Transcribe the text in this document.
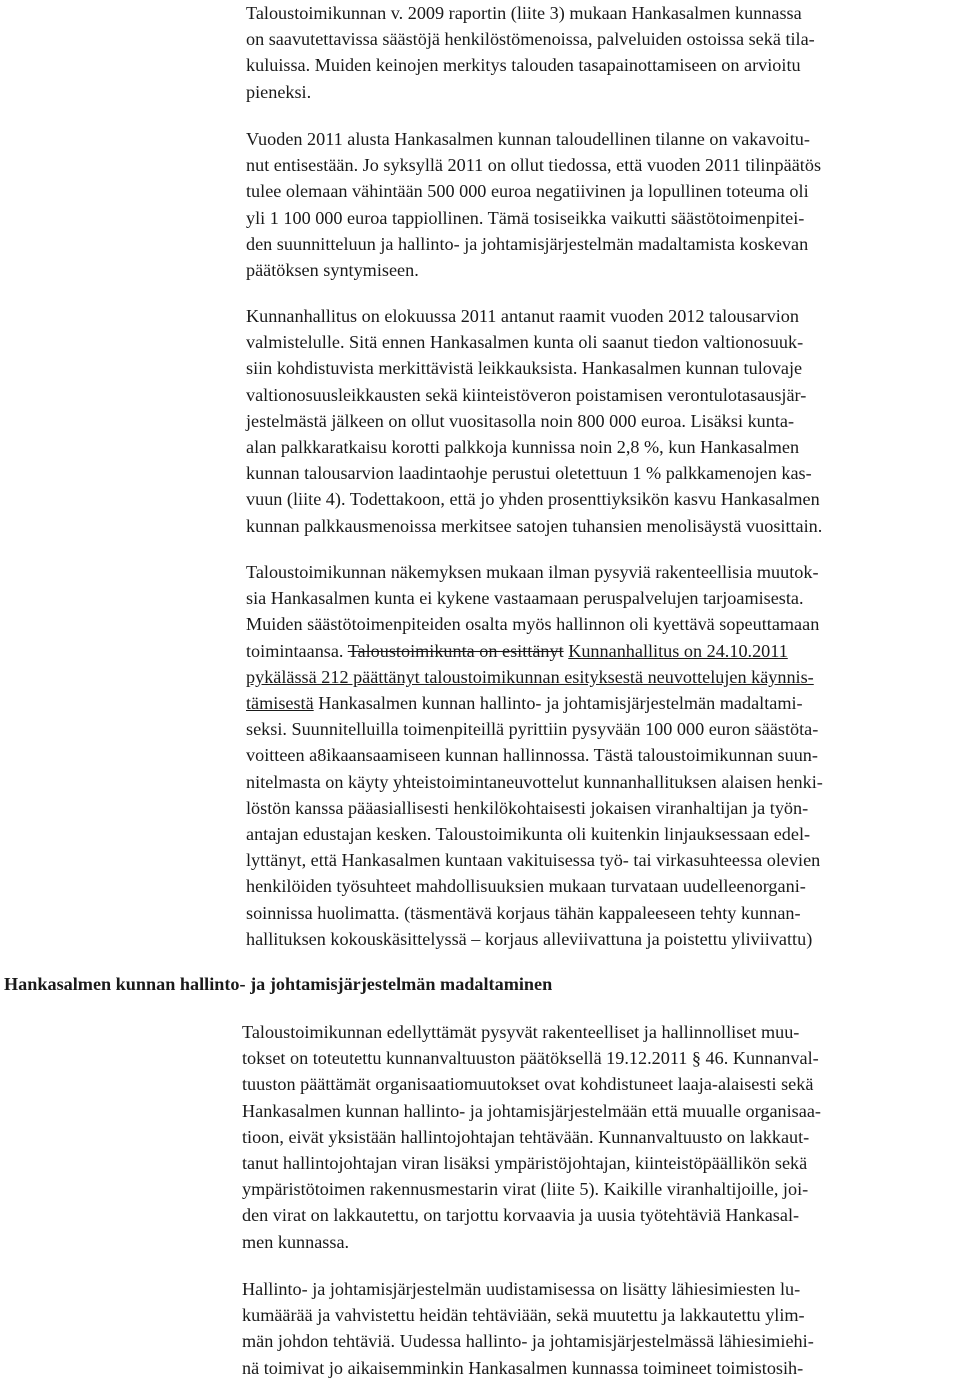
Taloustoimikunnan v. 2009 raportin (liite 3) mukaan Hankasalmen kunnassa
on saavutettavissa säästöjä henkilöstömenoissa, palveluiden ostoissa sekä tila-
kuluissa. Muiden keinojen merkitys talouden tasapainottamiseen on arvioitu
pieneksi.

Vuoden 2011 alusta Hankasalmen kunnan taloudellinen tilanne on vakavoitu-
nut entisestään. Jo syksyllä 2011 on ollut tiedossa, että vuoden 2011 tilinpäätös
tulee olemaan vähintään 500 000 euroa negatiivinen ja lopullinen toteuma oli
yli 1 100 000 euroa tappiollinen. Tämä tosiseikka vaikutti säästötoimenpitei-
den suunnitteluun ja hallinto- ja johtamisjärjestelmän madaltamista koskevan
päätöksen syntymiseen.

Kunnanhallitus on elokuussa 2011 antanut raamit vuoden 2012 talousarvion
valmistelulle. Sitä ennen Hankasalmen kunta oli saanut tiedon valtionosuuk-
siin kohdistuvista merkittävistä leikkauksista. Hankasalmen kunnan tulovaje
valtionosuusleikkausten sekä kiinteistöveron poistamisen verontulotasausjär-
jestelmästä jälkeen on ollut vuositasolla noin 800 000 euroa. Lisäksi kunta-
alan palkkaratkaisu korotti palkkoja kunnissa noin 2,8 %, kun Hankasalmen
kunnan talousarvion laadintaohje perustui oletettuun 1 % palkkamenojen kas-
vuun (liite 4). Todettakoon, että jo yhden prosenttiyksikön kasvu Hankasalmen
kunnan palkkausmenoissa merkitsee satojen tuhansien menolisäystä vuosittain.

Taloustoimikunnan näkemyksen mukaan ilman pysyviä rakenteellisia muutok-
sia Hankasalmen kunta ei kykene vastaamaan peruspalvelujen tarjoamisesta.
Muiden säästötoimenpiteiden osalta myös hallinnon oli kyettävä sopeuttamaan
toimintaansa. Taloustoimikunta on esittänyt Kunnanhallitus on 24.10.2011
pykälässä 212 päättänyt taloustoimikunnan esityksestä neuvottelujen käynnis-
tämisestä Hankasalmen kunnan hallinto- ja johtamisjärjestelmän madaltami-
seksi. Suunnitelluilla toimenpiteillä pyrittiin pysyvään 100 000 euron säästöta-
voitteen a8ikaansaamiseen kunnan hallinnossa. Tästä taloustoimikunnan suun-
nitelmasta on käyty yhteistoimintaneuvottelut kunnanhallituksen alaisen henki-
löstön kanssa pääasiallisesti henkilökohtaisesti jokaisen viranhaltijan ja työn-
antajan edustajan kesken. Taloustoimikunta oli kuitenkin linjauksessaan edel-
lyttänyt, että Hankasalmen kuntaan vakituisessa työ- tai virkasuhteessa olevien
henkilöiden työsuhteet mahdollisuuksien mukaan turvataan uudelleenorgani-
soinnissa huolimatta. (täsmentävä korjaus tähän kappaleeseen tehty kunnan-
hallituksen kokouskäsittelyssä – korjaus alleviivattuna ja poistettu yliviivattu)

Hankasalmen kunnan hallinto- ja johtamisjärjestelmän madaltaminen

Taloustoimikunnan edellyttämät pysyvät rakenteelliset ja hallinnolliset muu-
tokset on toteutettu kunnanvaltuuston päätöksellä 19.12.2011 § 46. Kunnanval-
tuuston päättämät organisaatiomuutokset ovat kohdistuneet laaja-alaisesti sekä
Hankasalmen kunnan hallinto- ja johtamisjärjestelmään että muualle organisaa-
tioon, eivät yksistään hallintojohtajan tehtävään. Kunnanvaltuusto on lakkaut-
tanut hallintojohtajan viran lisäksi ympäristöjohtajan, kiinteistöpäällikön sekä
ympäristötoimen rakennusmestarin virat (liite 5). Kaikille viranhaltijoille, joi-
den virat on lakkautettu, on tarjottu korvaavia ja uusia työtehtäviä Hankasal-
men kunnassa.

Hallinto- ja johtamisjärjestelmän uudistamisessa on lisätty lähiesimiesten lu-
kumäärää ja vahvistettu heidän tehtäviään, sekä muutettu ja lakkautettu ylim-
män johdon tehtäviä. Uudessa hallinto- ja johtamisjärjestelmässä lähiesimiehi-
nä toimivat jo aikaisemminkin Hankasalmen kunnassa toimineet toimistosih-
